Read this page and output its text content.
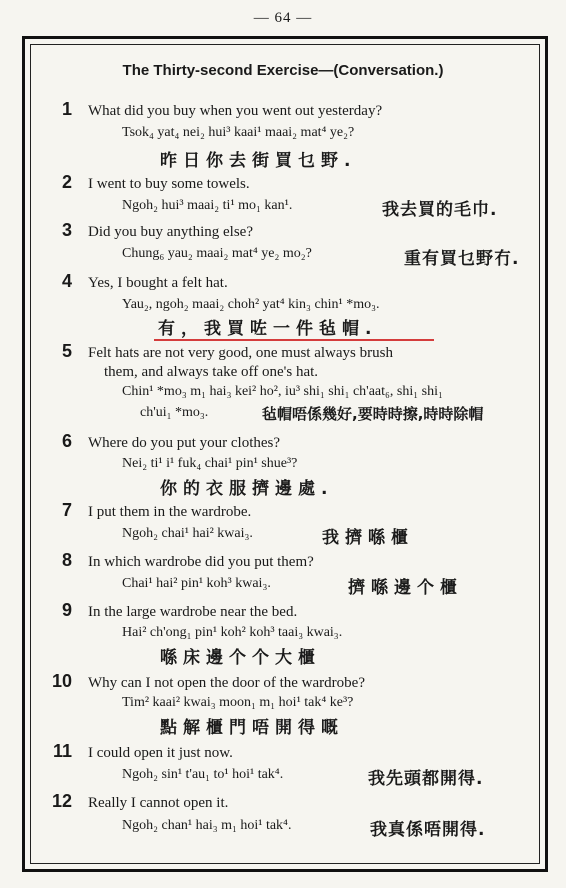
— 64 —
The Thirty-second Exercise—(Conversation.)
1 What did you buy when you went out yesterday?
Tsok₄ yat₄ nei₂ hui³ kaai¹ maai₂ mat⁴ ye₂?
昨日你去街買乜野.
2 I went to buy some towels.
Ngoh₂ hui³ maai₂ ti¹ mo₁ kan¹.	我去買的毛巾.
3 Did you buy anything else?
Chung₆ yau₂ maai₂ mat⁴ ye₂ mo₂?	重有買乜野冇.
4 Yes, I bought a felt hat.
Yau₂, ngoh₂ maai₂ choh² yat⁴ kin₃ chin¹ *mo₃.
有，我買咗一件毡帽.
5 Felt hats are not very good, one must always brush
them, and always take off one's hat.
Chin¹ *mo₃ m₁ hai₃ kei² ho², iu³ shi₁ shi₁ ch'aat₆, shi₁ shi₁
ch'ui₁ *mo₃.	毡帽唔係幾好,要時時擦,時時除帽
6 Where do you put your clothes?
Nei₂ ti¹ i¹ fuk₄ chai¹ pin¹ shue³?
你的衣服擠邊處.
7 I put them in the wardrobe.
Ngoh₂ chai¹ hai² kwai₃.	我擠喺櫃
8 In which wardrobe did you put them?
Chai¹ hai² pin¹ koh³ kwai₃.	擠喺邊个櫃
9 In the large wardrobe near the bed.
Hai² ch'ong₁ pin¹ koh² koh³ taai₃ kwai₃.
喺床邊个个大櫃
10 Why can I not open the door of the wardrobe?
Tim² kaai² kwai₃ moon₁ m₁ hoi¹ tak⁴ ke³?
點解櫃門唔開得嘅
11 I could open it just now.
Ngoh₂ sin¹ t'au₁ to¹ hoi¹ tak⁴.	我先頭都開得.
12 Really I cannot open it.
Ngoh₂ chan¹ hai₃ m₁ hoi¹ tak⁴.	我真係唔開得.
